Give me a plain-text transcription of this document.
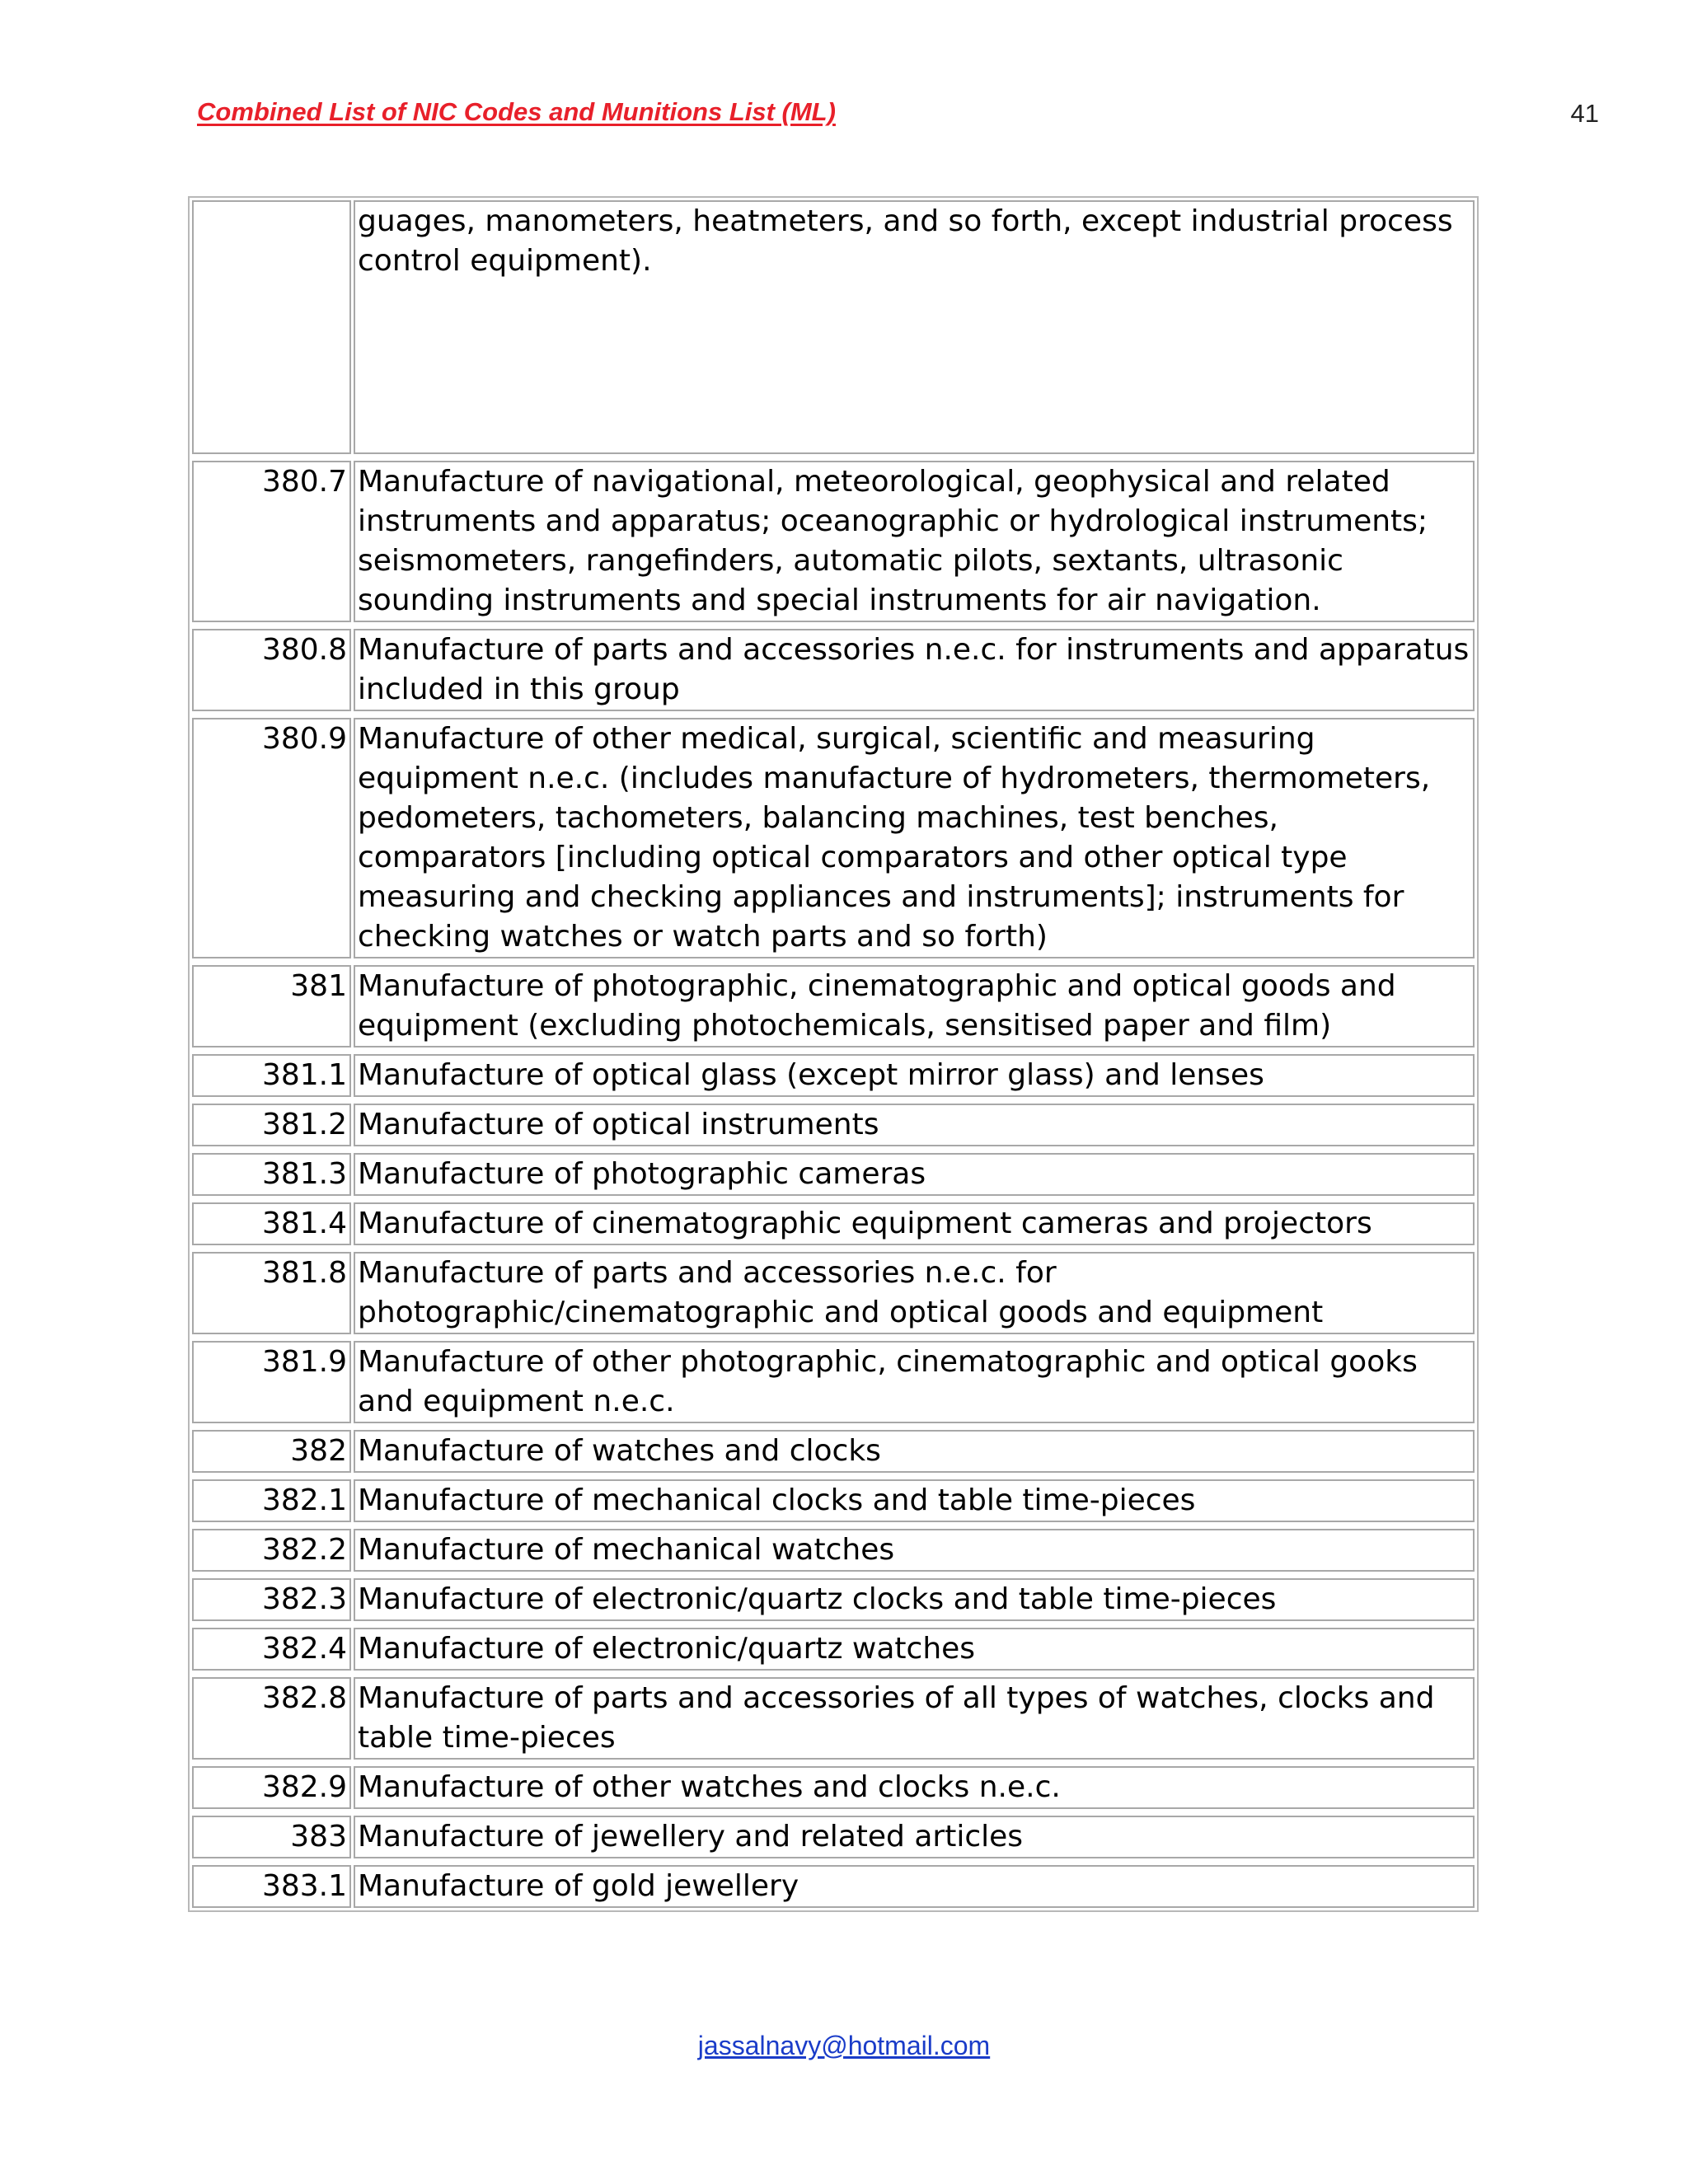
Combined List of NIC Codes and Munitions List (ML)	41
	guages, manometers, heatmeters, and so forth, except industrial process control equipment).
380.7	Manufacture of navigational, meteorological, geophysical and related instruments and apparatus; oceanographic or hydrological instruments; seismometers, rangefinders, automatic pilots, sextants, ultrasonic sounding instruments and special instruments for air navigation.
380.8	Manufacture of parts and accessories n.e.c. for instruments and apparatus included in this group
380.9	Manufacture of other medical, surgical, scientific and measuring equipment n.e.c. (includes manufacture of hydrometers, thermometers, pedometers, tachometers, balancing machines, test benches, comparators [including optical comparators and other optical type measuring and checking appliances and instruments]; instruments for checking watches or watch parts and so forth)
381	Manufacture of photographic, cinematographic and optical goods and equipment (excluding photochemicals, sensitised paper and film)
381.1	Manufacture of optical glass (except mirror glass) and lenses
381.2	Manufacture of optical instruments
381.3	Manufacture of photographic cameras
381.4	Manufacture of cinematographic equipment cameras and projectors
381.8	Manufacture of parts and accessories n.e.c. for photographic/cinematographic and optical goods and equipment
381.9	Manufacture of other photographic, cinematographic and optical gooks and equipment n.e.c.
382	Manufacture of watches and clocks
382.1	Manufacture of mechanical clocks and table time-pieces
382.2	Manufacture of mechanical watches
382.3	Manufacture of electronic/quartz clocks and table time-pieces
382.4	Manufacture of electronic/quartz watches
382.8	Manufacture of parts and accessories of all types of watches, clocks and table time-pieces
382.9	Manufacture of other watches and clocks n.e.c.
383	Manufacture of jewellery and related articles
383.1	Manufacture of gold jewellery
jassalnavy@hotmail.com
